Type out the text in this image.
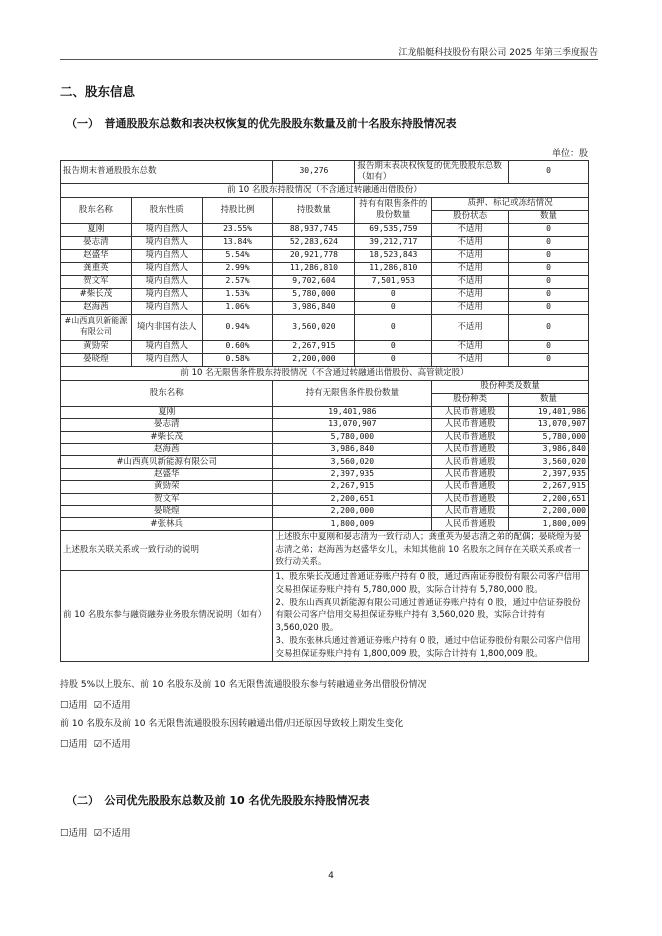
江龙船艇科技股份有限公司 2025 年第三季度报告
二、股东信息
（一）　普通股股东总数和表决权恢复的优先股股东数量及前十名股东持股情况表
单位：股
报告期末普通股股东总数			30,276	报告期末表决权恢复的优先股股东总数（如有）		0
前 10 名股东持股情况（不含通过转融通出借股份）						
股东名称	股东性质	持股比例	持股数量	持有有限售条件的股份数量	质押、标记或冻结情况	
					股份状态	数量
夏刚	境内自然人	23.55%	88,937,745	69,535,759	不适用	0
晏志清	境内自然人	13.84%	52,283,624	39,212,717	不适用	0
赵盛华	境内自然人	5.54%	20,921,778	18,523,843	不适用	0
龚重英	境内自然人	2.99%	11,286,810	11,286,810	不适用	0
贺文军	境内自然人	2.57%	9,702,604	7,501,953	不适用	0
#柴长茂	境内自然人	1.53%	5,780,000	0	不适用	0
赵海茜	境内自然人	1.06%	3,986,840	0	不适用	0
#山西真贝新能源有限公司	境内非国有法人	0.94%	3,560,020	0	不适用	0
黄勁荣	境内自然人	0.60%	2,267,915	0	不适用	0
晏晓煌	境内自然人	0.58%	2,200,000	0	不适用	0
前 10 名无限售条件股东持股情况（不含通过转融通出借股份、高管锁定股）						
股东名称			持有无限售条件股份数量		股份种类及数量	
					股份种类	数量
夏刚			19,401,986		人民币普通股	19,401,986
晏志清			13,070,907		人民币普通股	13,070,907
#柴长茂			5,780,000		人民币普通股	5,780,000
赵海茜			3,986,840		人民币普通股	3,986,840
#山西真贝新能源有限公司			3,560,020		人民币普通股	3,560,020
赵盛华			2,397,935		人民币普通股	2,397,935
黄勁荣			2,267,915		人民币普通股	2,267,915
贺文军			2,200,651		人民币普通股	2,200,651
晏晓煌			2,200,000		人民币普通股	2,200,000
#张林兵			1,800,009		人民币普通股	1,800,009
上述股东关联关系或一致行动的说明			上述股东中夏刚和晏志清为一致行动人；龚重英为晏志清之弟的配偶；晏晓煌为晏志清之弟；赵海茜为赵盛华女儿，未知其他前 10 名股东之间存在关联关系或者一致行动关系。			
前 10 名股东参与融资融券业务股东情况说明（如有）			1、股东柴长茂通过普通证券账户持有 0 股，通过西南证券股份有限公司客户信用交易担保证券账户持有 5,780,000 股，实际合计持有 5,780,000 股。
2、股东山西真贝新能源有限公司通过普通证券账户持有 0 股，通过中信证券股份有限公司客户信用交易担保证券账户持有 3,560,020 股，实际合计持有 3,560,020 股。
3、股东张林兵通过普通证券账户持有 0 股，通过中信证券股份有限公司客户信用交易担保证券账户持有 1,800,009 股，实际合计持有 1,800,009 股。			
持股 5%以上股东、前 10 名股东及前 10 名无限售流通股股东参与转融通业务出借股份情况
☐适用 ☑不适用
前 10 名股东及前 10 名无限售流通股股东因转融通出借/归还原因导致较上期发生变化
☐适用 ☑不适用
（二）　公司优先股股东总数及前 10 名优先股股东持股情况表
☐适用 ☑不适用
4
